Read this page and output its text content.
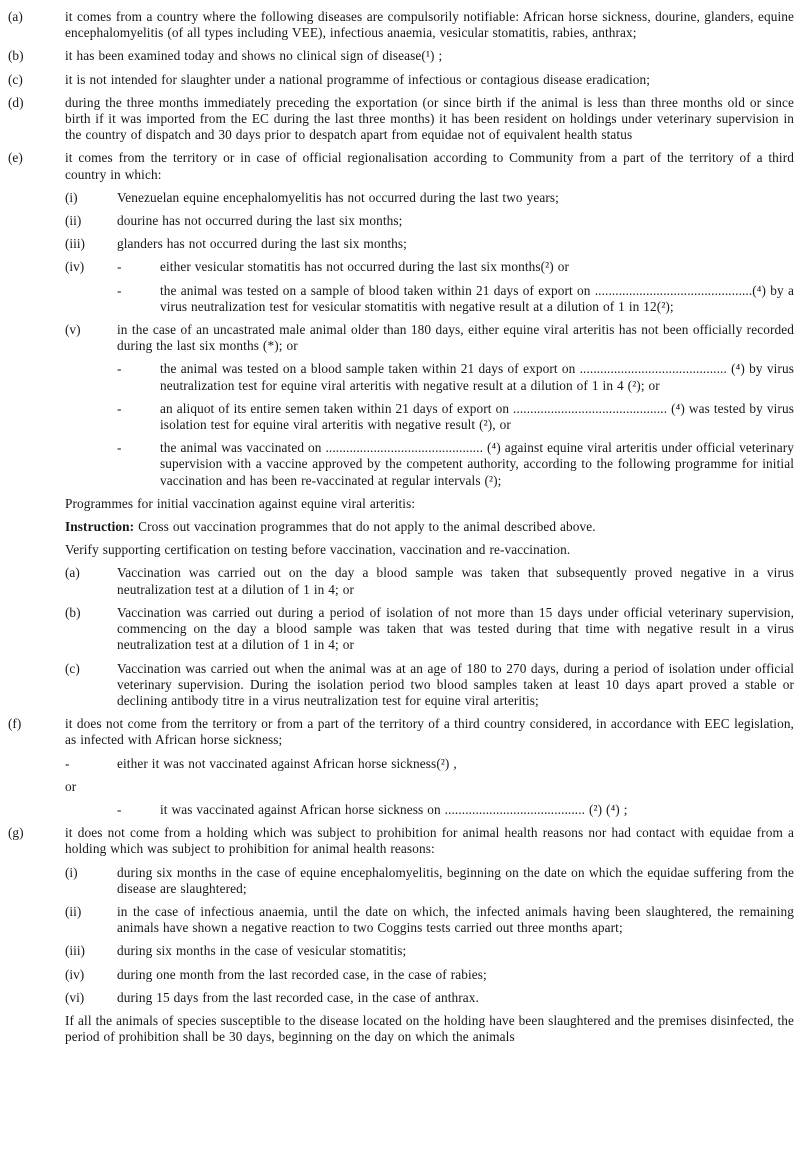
(a)	it comes from a country where the following diseases are compulsorily notifiable: African horse sickness, dourine, glanders, equine encephalomyelitis (of all types including VEE), infectious anaemia, vesicular stomatitis, rabies, anthrax;

(b)	it has been examined today and shows no clinical sign of disease(¹) ;

(c)	it is not intended for slaughter under a national programme of infectious or contagious disease eradication;

(d)	during the three months immediately preceding the exportation (or since birth if the animal is less than three months old or since birth if it was imported from the EC during the last three months) it has been resident on holdings under veterinary supervision in the country of dispatch and 30 days prior to despatch apart from equidae not of equivalent health status

(e)	it comes from the territory or in case of official regionalisation according to Community from a part of the territory of a third country in which:

(i)	Venezuelan equine encephalomyelitis has not occurred during the last two years;

(ii)	dourine has not occurred during the last six months;

(iii)	glanders has not occurred during the last six months;

(iv)	-	either vesicular stomatitis has not occurred during the last six months(²) or

-	the animal was tested on a sample of blood taken within 21 days of export on ..............................................(⁴) by a virus neutralization test for vesicular stomatitis with negative result at a dilution of 1 in 12(²);

(v)	in the case of an uncastrated male animal older than 180 days, either equine viral arteritis has not been officially recorded during the last six months (*); or

-	the animal was tested on a blood sample taken within 21 days of export on ........................................... (⁴) by virus neutralization test for equine viral arteritis with negative result at a dilution of 1 in 4 (²); or

-	an aliquot of its entire semen taken within 21 days of export on ............................................. (⁴) was tested by virus isolation test for equine viral arteritis with negative result (²), or

-	the animal was vaccinated on .............................................. (⁴) against equine viral arteritis under official veterinary supervision with a vaccine approved by the competent authority, according to the following programme for initial vaccination and has been re-vaccinated at regular intervals (²);

Programmes for initial vaccination against equine viral arteritis:

Instruction: Cross out vaccination programmes that do not apply to the animal described above.

Verify supporting certification on testing before vaccination, vaccination and re-vaccination.

(a)	Vaccination was carried out on the day a blood sample was taken that subsequently proved negative in a virus neutralization test at a dilution of 1 in 4; or

(b)	Vaccination was carried out during a period of isolation of not more than 15 days under official veterinary supervision, commencing on the day a blood sample was taken that was tested during that time with negative result in a virus neutralization test at a dilution of 1 in 4; or

(c)	Vaccination was carried out when the animal was at an age of 180 to 270 days, during a period of isolation under official veterinary supervision. During the isolation period two blood samples taken at least 10 days apart proved a stable or declining antibody titre in a virus neutralization test for equine viral arteritis;

(f)	it does not come from the territory or from a part of the territory of a third country considered, in accordance with EEC legislation, as infected with African horse sickness;

-	either it was not vaccinated against African horse sickness(²) ,

or

-	it was vaccinated against African horse sickness on ......................................... (²) (⁴) ;

(g)	it does not come from a holding which was subject to prohibition for animal health reasons nor had contact with equidae from a holding which was subject to prohibition for animal health reasons:

(i)	during six months in the case of equine encephalomyelitis, beginning on the date on which the equidae suffering from the disease are slaughtered;

(ii)	in the case of infectious anaemia, until the date on which, the infected animals having been slaughtered, the remaining animals have shown a negative reaction to two Coggins tests carried out three months apart;

(iii)	during six months in the case of vesicular stomatitis;

(iv)	during one month from the last recorded case, in the case of rabies;

(vi)	during 15 days from the last recorded case, in the case of anthrax.

If all the animals of species susceptible to the disease located on the holding have been slaughtered and the premises disinfected, the period of prohibition shall be 30 days, beginning on the day on which the animals
